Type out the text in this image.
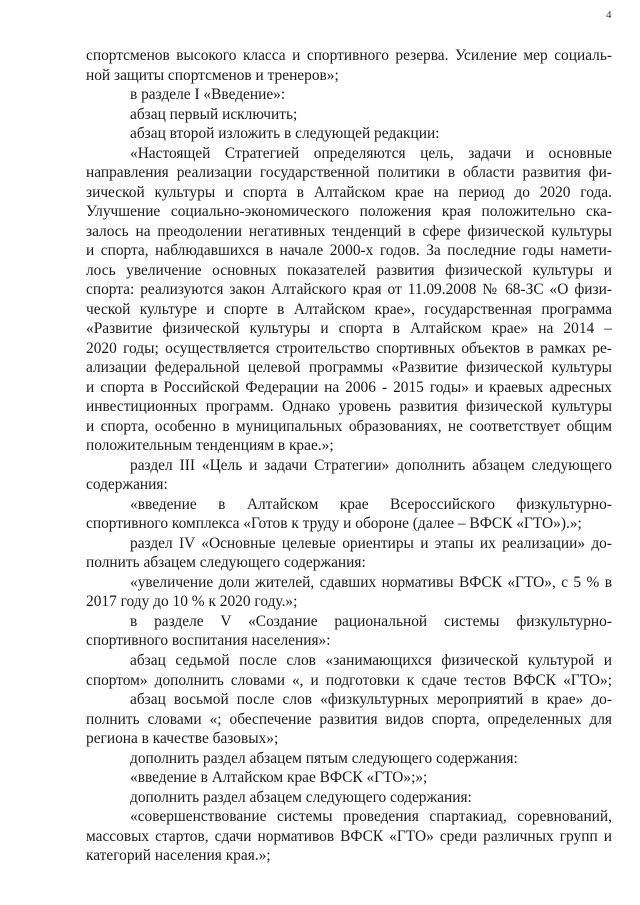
4
спортсменов высокого класса и спортивного резерва. Усиление мер социаль-
ной защиты спортсменов и тренеров»;
в разделе I «Введение»:
абзац первый исключить;
абзац второй изложить в следующей редакции:
«Настоящей Стратегией определяются цель, задачи и основные
направления реализации государственной политики в области развития фи-
зической культуры и спорта в Алтайском крае на период до 2020 года.
Улучшение социально-экономического положения края положительно ска-
залось на преодолении негативных тенденций в сфере физической культуры
и спорта, наблюдавшихся в начале 2000-х годов. За последние годы намети-
лось увеличение основных показателей развития физической культуры и
спорта: реализуются закон Алтайского края от 11.09.2008 № 68-ЗС «О физи-
ческой культуре и спорте в Алтайском крае», государственная программа
«Развитие физической культуры и спорта в Алтайском крае» на 2014 –
2020 годы; осуществляется строительство спортивных объектов в рамках ре-
ализации федеральной целевой программы «Развитие физической культуры
и спорта в Российской Федерации на 2006 - 2015 годы» и краевых адресных
инвестиционных программ. Однако уровень развития физической культуры
и спорта, особенно в муниципальных образованиях, не соответствует общим
положительным тенденциям в крае.»;
раздел III «Цель и задачи Стратегии» дополнить абзацем следующего
содержания:
«введение в Алтайском крае Всероссийского физкультурно-
спортивного комплекса «Готов к труду и обороне (далее – ВФСК «ГТО»).»;
раздел IV «Основные целевые ориентиры и этапы их реализации» до-
полнить абзацем следующего содержания:
«увеличение доли жителей, сдавших нормативы ВФСК «ГТО», с 5 % в
2017 году до 10 % к 2020 году.»;
в разделе V «Создание рациональной системы физкультурно-
спортивного воспитания населения»:
абзац седьмой после слов «занимающихся физической культурой и
спортом» дополнить словами «, и подготовки к сдаче тестов ВФСК «ГТО»;
абзац восьмой после слов «физкультурных мероприятий в крае» до-
полнить словами «; обеспечение развития видов спорта, определенных для
региона в качестве базовых»;
дополнить раздел абзацем пятым следующего содержания:
«введение в Алтайском крае ВФСК «ГТО»;»;
дополнить раздел абзацем следующего содержания:
«совершенствование системы проведения спартакиад, соревнований,
массовых стартов, сдачи нормативов ВФСК «ГТО» среди различных групп и
категорий населения края.»;
